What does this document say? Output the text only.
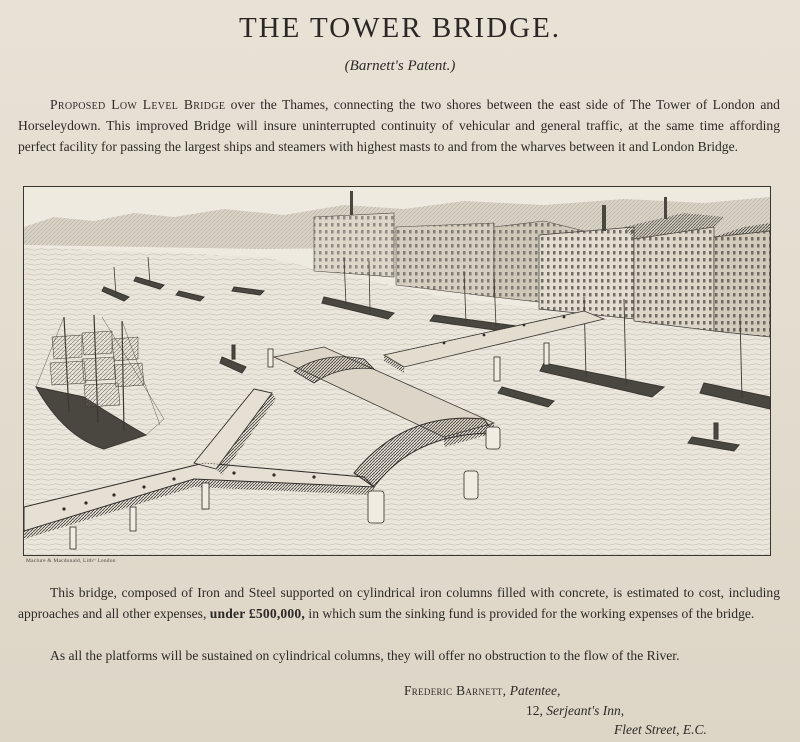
THE TOWER BRIDGE.
(Barnett's Patent.)

Proposed Low Level Bridge over the Thames, connecting the two shores between the east side of The Tower of London and Horseleydown. This improved Bridge will insure uninterrupted continuity of vehicular and general traffic, at the same time affording perfect facility for passing the largest ships and steamers with highest masts to and from the wharves between it and London Bridge.

Maclure & Macdonald, Lithʳˢ London

This bridge, composed of Iron and Steel supported on cylindrical iron columns filled with concrete, is estimated to cost, including approaches and all other expenses, under £500,000, in which sum the sinking fund is provided for the working expenses of the bridge.

As all the platforms will be sustained on cylindrical columns, they will offer no obstruction to the flow of the River.

Frederic Barnett, Patentee,
12, Serjeant's Inn,
Fleet Street, E.C.
